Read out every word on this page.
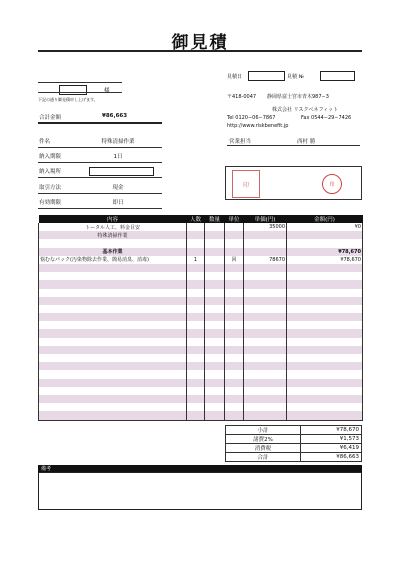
御見積
様
下記の通り御見積申し上げます。
合計金額	¥86,663
件名	特殊清掃作業
納入期限	1日
納入場所
取引方法	現金
有効期限	即日
見積日	見積 №
〒418-0047 静岡県富士宮市青木987−3
株式会社 リスクベネフィット
Tel 0120−06−7867	Fax 0544−29−7426
http://www.riskbenefit.jp
営業担当	西村 勝
印	印
内容	人数	数量	単位	単価(円)	金額(円)
トータル人工、料金目安				35000	¥0
特殊清掃作業					

基本作業					¥78,670
悩むなパック(汚染物除去作業、簡易消臭、消毒)	1		回	78670	¥78,670

小計	¥78,670
諸費2%	¥1,573
消費税	¥6,419
合計	¥86,663
備考
